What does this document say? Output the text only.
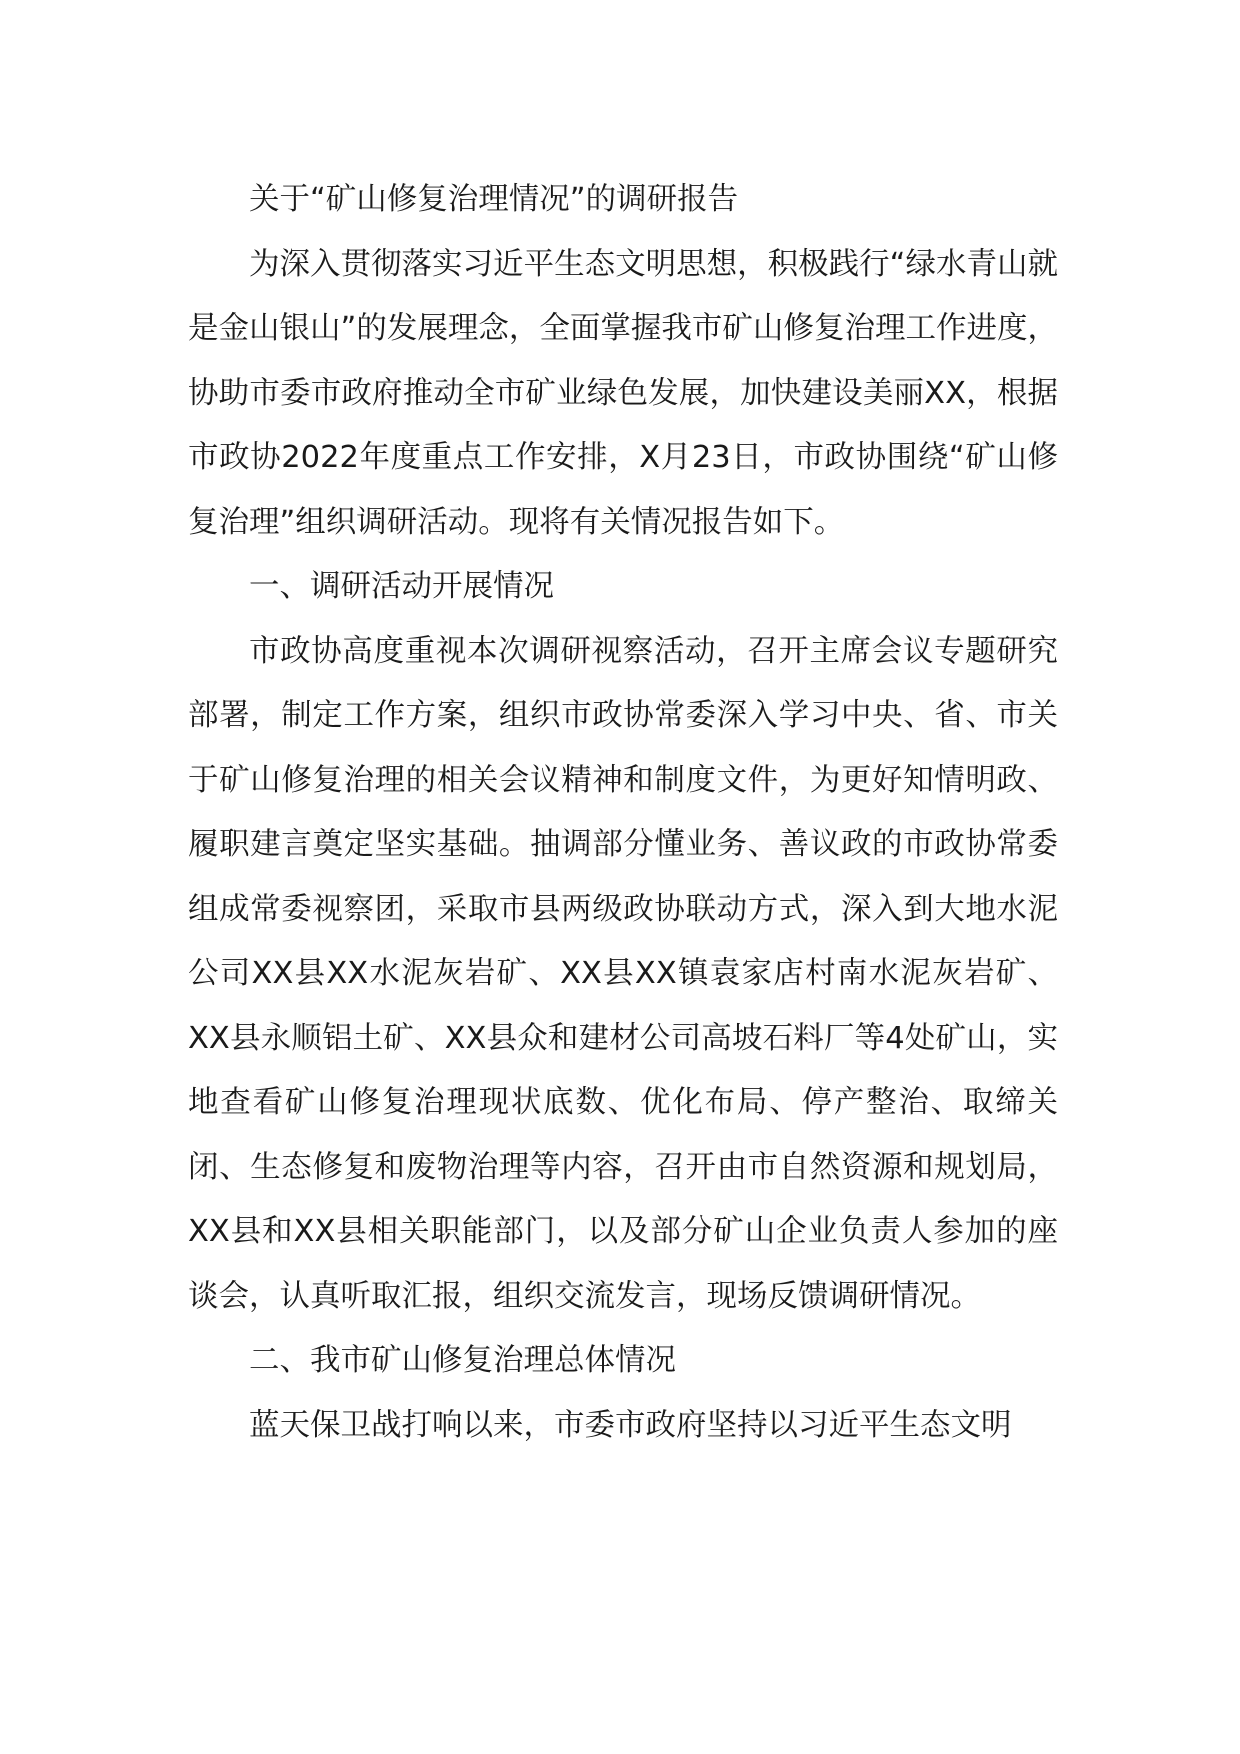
关于“矿山修复治理情况”的调研报告

为深入贯彻落实习近平生态文明思想，积极践行“绿水青山就是金山银山”的发展理念，全面掌握我市矿山修复治理工作进度，协助市委市政府推动全市矿业绿色发展，加快建设美丽XX，根据市政协2022年度重点工作安排，X月23日，市政协围绕“矿山修复治理”组织调研活动。现将有关情况报告如下。

一、调研活动开展情况

市政协高度重视本次调研视察活动，召开主席会议专题研究部署，制定工作方案，组织市政协常委深入学习中央、省、市关于矿山修复治理的相关会议精神和制度文件，为更好知情明政、履职建言奠定坚实基础。抽调部分懂业务、善议政的市政协常委组成常委视察团，采取市县两级政协联动方式，深入到大地水泥公司XX县XX水泥灰岩矿、XX县XX镇袁家店村南水泥灰岩矿、XX县永顺铝土矿、XX县众和建材公司高坡石料厂等4处矿山，实地查看矿山修复治理现状底数、优化布局、停产整治、取缔关闭、生态修复和废物治理等内容，召开由市自然资源和规划局，XX县和XX县相关职能部门，以及部分矿山企业负责人参加的座谈会，认真听取汇报，组织交流发言，现场反馈调研情况。

二、我市矿山修复治理总体情况

蓝天保卫战打响以来，市委市政府坚持以习近平生态文明
